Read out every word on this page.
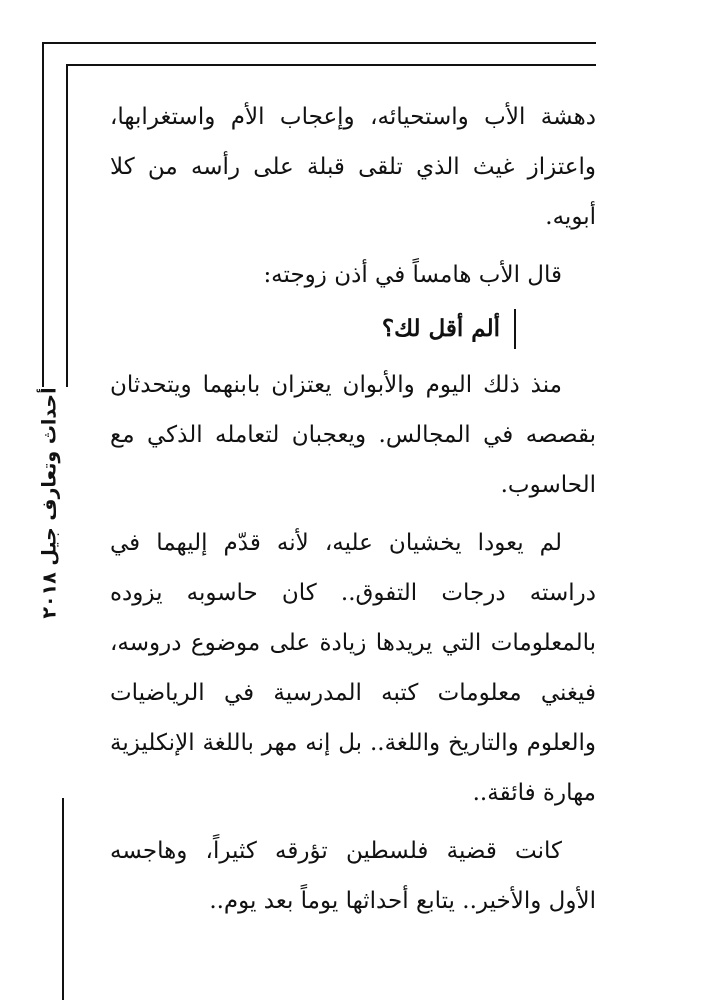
أحداث وتعارف جيل ٢٠١٨

دهشة الأب واستحيائه، وإعجاب الأم واستغرابها، واعتزاز غيث الذي تلقى قبلة على رأسه من كلا أبويه.

قال الأب هامساً في أذن زوجته:

ألم أقل لك؟

منذ ذلك اليوم والأبوان يعتزان بابنهما ويتحدثان بقصصه في المجالس. ويعجبان لتعامله الذكي مع الحاسوب.

لم يعودا يخشيان عليه، لأنه قدّم إليهما في دراسته درجات التفوق.. كان حاسوبه يزوده بالمعلومات التي يريدها زيادة على موضوع دروسه، فيغني معلومات كتبه المدرسية في الرياضيات والعلوم والتاريخ واللغة.. بل إنه مهر باللغة الإنكليزية مهارة فائقة..

كانت قضية فلسطين تؤرقه كثيراً، وهاجسه الأول والأخير.. يتابع أحداثها يوماً بعد يوم..
